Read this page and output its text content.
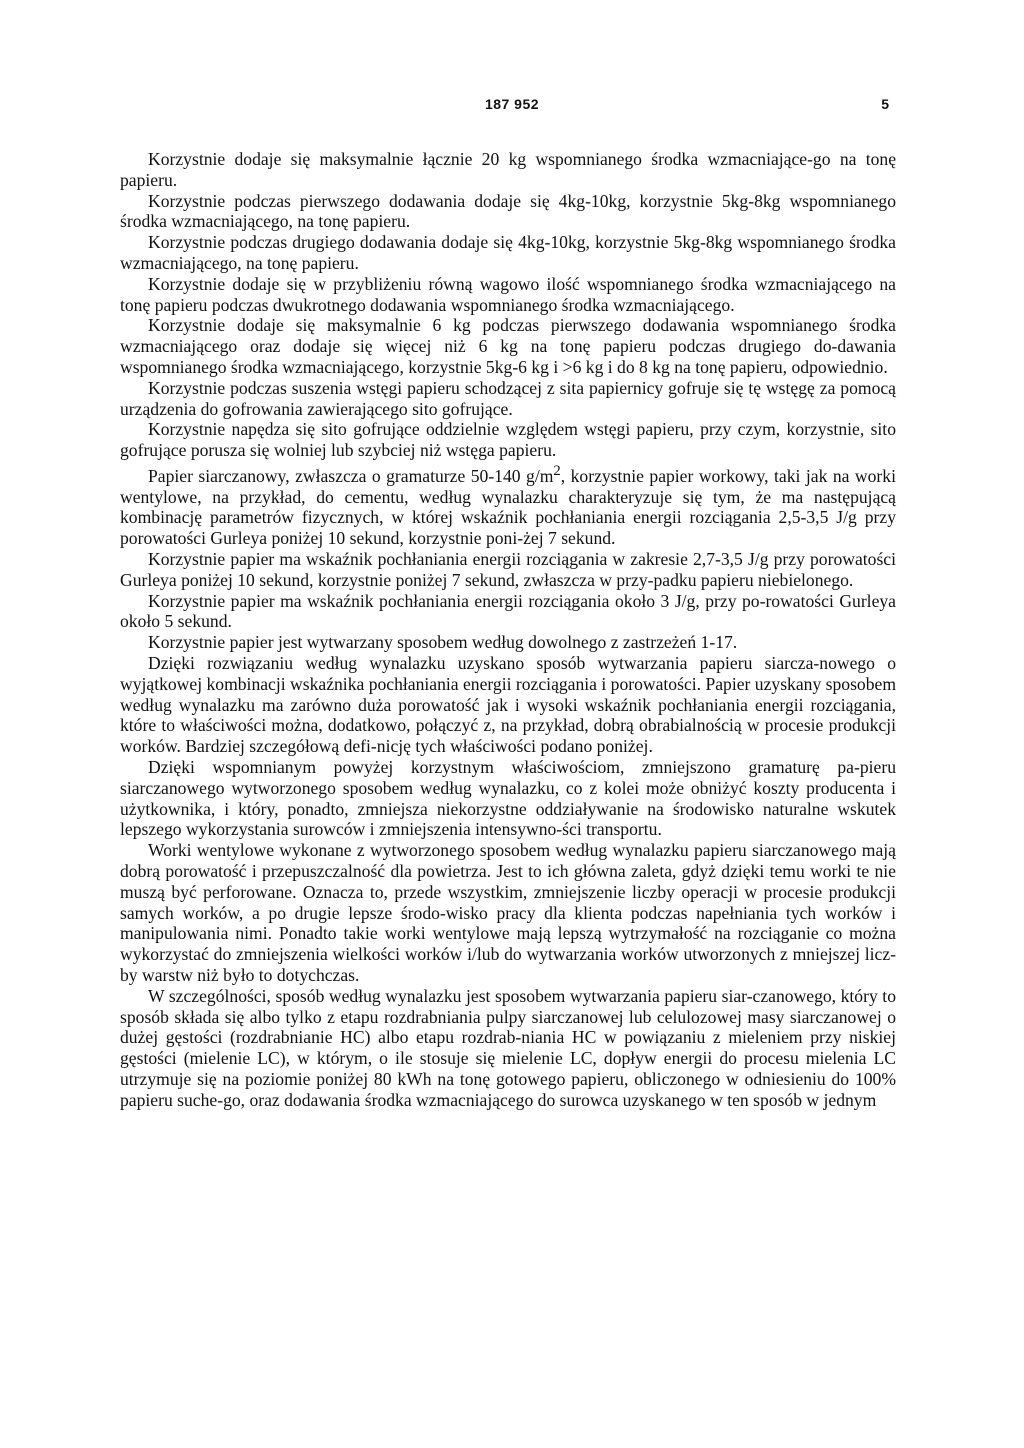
187 952	5

Korzystnie dodaje się maksymalnie łącznie 20 kg wspomnianego środka wzmacniające-go na tonę papieru.

Korzystnie podczas pierwszego dodawania dodaje się 4kg-10kg, korzystnie 5kg-8kg wspomnianego środka wzmacniającego, na tonę papieru.

Korzystnie podczas drugiego dodawania dodaje się 4kg-10kg, korzystnie 5kg-8kg wspomnianego środka wzmacniającego, na tonę papieru.

Korzystnie dodaje się w przybliżeniu równą wagowo ilość wspomnianego środka wzmacniającego na tonę papieru podczas dwukrotnego dodawania wspomnianego środka wzmacniającego.

Korzystnie dodaje się maksymalnie 6 kg podczas pierwszego dodawania wspomnianego środka wzmacniającego oraz dodaje się więcej niż 6 kg na tonę papieru podczas drugiego do-dawania wspomnianego środka wzmacniającego, korzystnie 5kg-6 kg i >6 kg i do 8 kg na tonę papieru, odpowiednio.

Korzystnie podczas suszenia wstęgi papieru schodzącej z sita papiernicy gofruje się tę wstęgę za pomocą urządzenia do gofrowania zawierającego sito gofrujące.

Korzystnie napędza się sito gofrujące oddzielnie względem wstęgi papieru, przy czym, korzystnie, sito gofrujące porusza się wolniej lub szybciej niż wstęga papieru.

Papier siarczanowy, zwłaszcza o gramaturze 50-140 $g/m^2$, korzystnie papier workowy, taki jak na worki wentylowe, na przykład, do cementu, według wynalazku charakteryzuje się tym, że ma następującą kombinację parametrów fizycznych, w której wskaźnik pochłaniania energii rozciągania 2,5-3,5 J/g przy porowatości Gurleya poniżej 10 sekund, korzystnie poni-żej 7 sekund.

Korzystnie papier ma wskaźnik pochłaniania energii rozciągania w zakresie 2,7-3,5 J/g przy porowatości Gurleya poniżej 10 sekund, korzystnie poniżej 7 sekund, zwłaszcza w przy-padku papieru niebielonego.

Korzystnie papier ma wskaźnik pochłaniania energii rozciągania około 3 J/g, przy po-rowatości Gurleya około 5 sekund.

Korzystnie papier jest wytwarzany sposobem według dowolnego z zastrzeżeń 1-17.

Dzięki rozwiązaniu według wynalazku uzyskano sposób wytwarzania papieru siarcza-nowego o wyjątkowej kombinacji wskaźnika pochłaniania energii rozciągania i porowatości. Papier uzyskany sposobem według wynalazku ma zarówno duża porowatość jak i wysoki wskaźnik pochłaniania energii rozciągania, które to właściwości można, dodatkowo, połączyć z, na przykład, dobrą obrabialnością w procesie produkcji worków. Bardziej szczegółową defi-nicję tych właściwości podano poniżej.

Dzięki wspomnianym powyżej korzystnym właściwościom, zmniejszono gramaturę pa-pieru siarczanowego wytworzonego sposobem według wynalazku, co z kolei może obniżyć koszty producenta i użytkownika, i który, ponadto, zmniejsza niekorzystne oddziaływanie na środowisko naturalne wskutek lepszego wykorzystania surowców i zmniejszenia intensywno-ści transportu.

Worki wentylowe wykonane z wytworzonego sposobem według wynalazku papieru siarczanowego mają dobrą porowatość i przepuszczalność dla powietrza. Jest to ich główna zaleta, gdyż dzięki temu worki te nie muszą być perforowane. Oznacza to, przede wszystkim, zmniejszenie liczby operacji w procesie produkcji samych worków, a po drugie lepsze środo-wisko pracy dla klienta podczas napełniania tych worków i manipulowania nimi. Ponadto takie worki wentylowe mają lepszą wytrzymałość na rozciąganie co można wykorzystać do zmniejszenia wielkości worków i/lub do wytwarzania worków utworzonych z mniejszej licz-by warstw niż było to dotychczas.

W szczególności, sposób według wynalazku jest sposobem wytwarzania papieru siar-czanowego, który to sposób składa się albo tylko z etapu rozdrabniania pulpy siarczanowej lub celulozowej masy siarczanowej o dużej gęstości (rozdrabnianie HC) albo etapu rozdrab-niania HC w powiązaniu z mieleniem przy niskiej gęstości (mielenie LC), w którym, o ile stosuje się mielenie LC, dopływ energii do procesu mielenia LC utrzymuje się na poziomie poniżej 80 kWh na tonę gotowego papieru, obliczonego w odniesieniu do 100% papieru suche-go, oraz dodawania środka wzmacniającego do surowca uzyskanego w ten sposób w jednym
